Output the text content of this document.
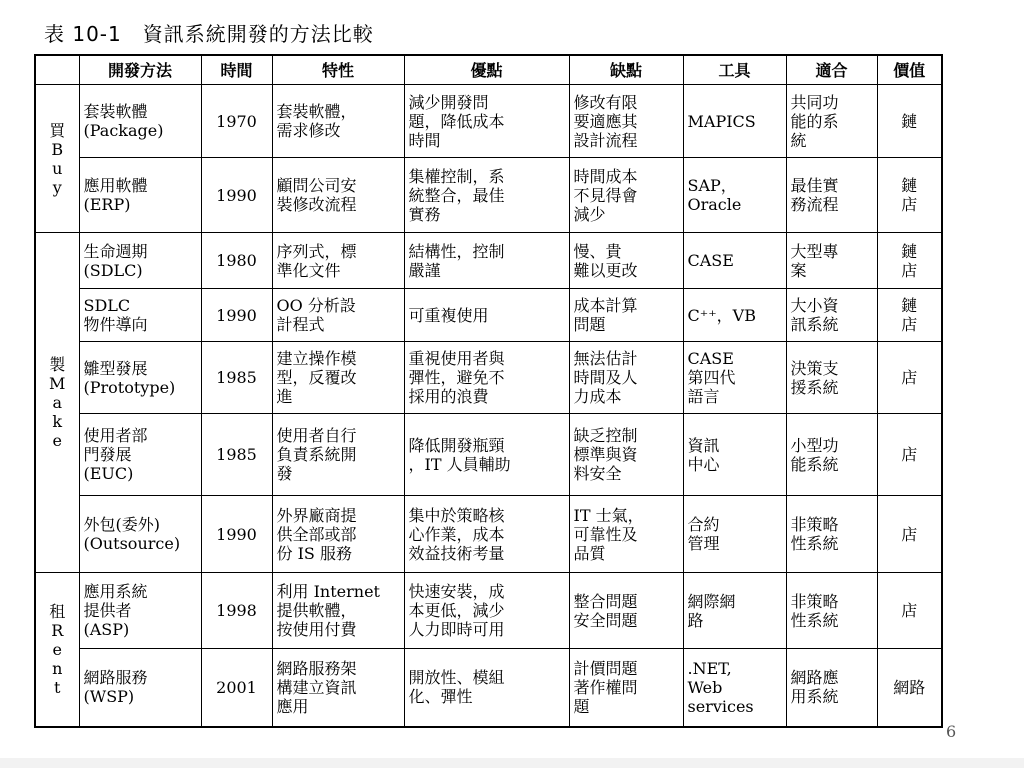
表 10-1　資訊系統開發的方法比較
	開發方法	時間	特性	優點	缺點	工具	適合	價值

買
B
u
y	套裝軟體
(Package)	1970	套裝軟體，
需求修改	減少開發問
題，降低成本
時間	修改有限
要適應其
設計流程	MAPICS	共同功
能的系
統	鏈

	應用軟體
(ERP)	1990	顧問公司安
裝修改流程	集權控制，系
統整合，最佳
實務	時間成本
不見得會
減少	SAP，
Oracle	最佳實
務流程	鏈
店

製
M
a
k
e	生命週期
(SDLC)	1980	序列式，標
準化文件	結構性，控制
嚴謹	慢、貴
難以更改	CASE	大型專
案	鏈
店

	SDLC
物件導向	1990	OO 分析設
計程式	可重複使用	成本計算
問題	C⁺⁺，VB	大小資
訊系統	鏈
店

	雛型發展
(Prototype)	1985	建立操作模
型，反覆改
進	重視使用者與
彈性，避免不
採用的浪費	無法估計
時間及人
力成本	CASE
第四代
語言	決策支
援系統	店

	使用者部
門發展
(EUC)	1985	使用者自行
負責系統開
發	降低開發瓶頸
，IT 人員輔助	缺乏控制
標準與資
料安全	資訊
中心	小型功
能系統	店

	外包(委外)
(Outsource)	1990	外界廠商提
供全部或部
份 IS 服務	集中於策略核
心作業，成本
效益技術考量	IT 士氣，
可靠性及
品質	合約
管理	非策略
性系統	店

租
R
e
n
t	應用系統
提供者
(ASP)	1998	利用 Internet
提供軟體，
按使用付費	快速安裝，成
本更低，減少
人力即時可用	整合問題
安全問題	網際網
路	非策略
性系統	店

	網路服務
(WSP)	2001	網路服務架
構建立資訊
應用	開放性、模組
化、彈性	計價問題
著作權問
題	.NET,
Web
services	網路應
用系統	網路
6
